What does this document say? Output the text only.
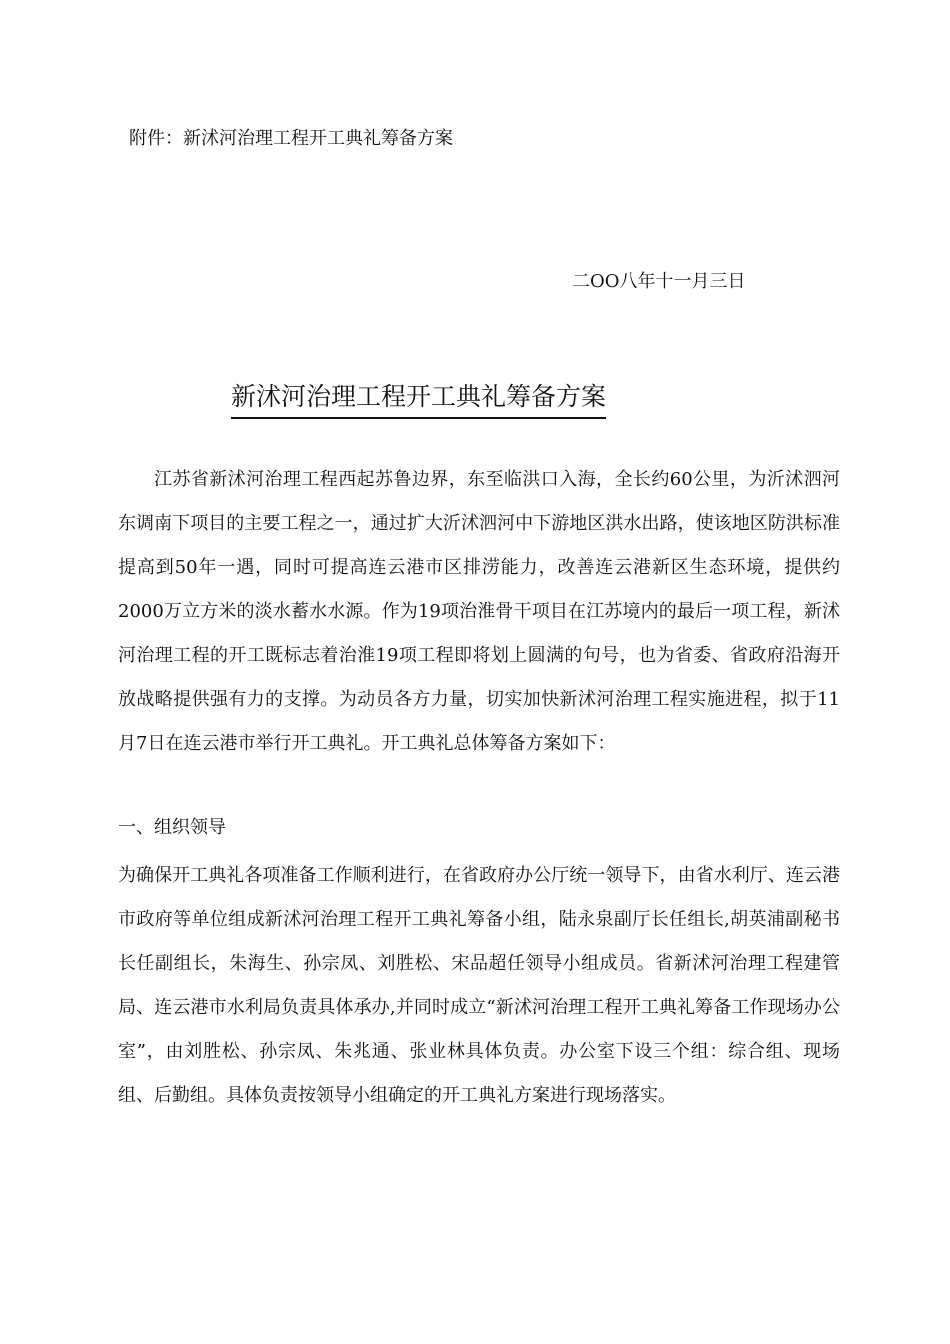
附件：新沭河治理工程开工典礼筹备方案
二OO八年十一月三日
新沭河治理工程开工典礼筹备方案

江苏省新沭河治理工程西起苏鲁边界，东至临洪口入海，全长约60公里，为沂沭泗河东调南下项目的主要工程之一，通过扩大沂沭泗河中下游地区洪水出路，使该地区防洪标准提高到50年一遇，同时可提高连云港市区排涝能力，改善连云港新区生态环境，提供约2000万立方米的淡水蓄水水源。作为19项治淮骨干项目在江苏境内的最后一项工程，新沭河治理工程的开工既标志着治淮19项工程即将划上圆满的句号，也为省委、省政府沿海开放战略提供强有力的支撑。为动员各方力量，切实加快新沭河治理工程实施进程，拟于11月7日在连云港市举行开工典礼。开工典礼总体筹备方案如下：

一、组织领导

为确保开工典礼各项准备工作顺利进行，在省政府办公厅统一领导下，由省水利厅、连云港市政府等单位组成新沭河治理工程开工典礼筹备小组，陆永泉副厅长任组长,胡英浦副秘书长任副组长，朱海生、孙宗凤、刘胜松、宋品超任领导小组成员。省新沭河治理工程建管局、连云港市水利局负责具体承办,并同时成立“新沭河治理工程开工典礼筹备工作现场办公室”，由刘胜松、孙宗凤、朱兆通、张业林具体负责。办公室下设三个组：综合组、现场组、后勤组。具体负责按领导小组确定的开工典礼方案进行现场落实。
